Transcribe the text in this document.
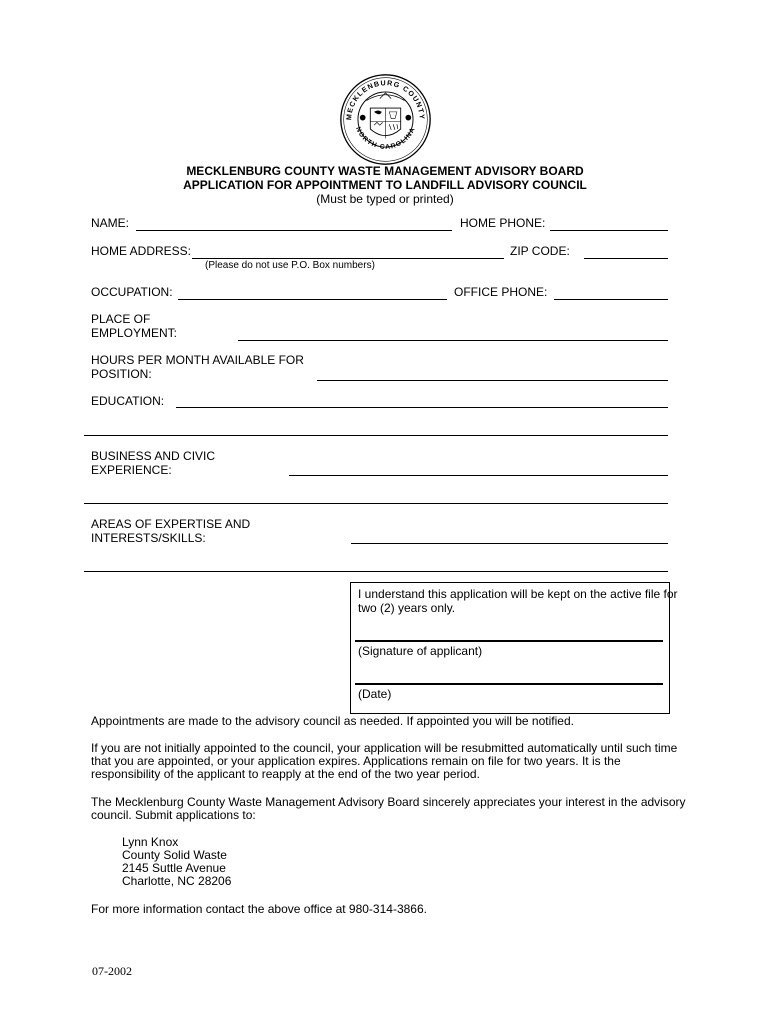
MECKLENBURG COUNTY
NORTH CAROLINA
MECKLENBURG COUNTY WASTE MANAGEMENT ADVISORY BOARD
APPLICATION FOR APPOINTMENT TO LANDFILL ADVISORY COUNCIL
(Must be typed or printed)
NAME:	HOME PHONE:
HOME ADDRESS:	ZIP CODE:
(Please do not use P.O. Box numbers)
OCCUPATION:	OFFICE PHONE:
PLACE OF
EMPLOYMENT:
HOURS PER MONTH AVAILABLE FOR
POSITION:
EDUCATION:
BUSINESS AND CIVIC
EXPERIENCE:
AREAS OF EXPERTISE AND
INTERESTS/SKILLS:
I understand this application will be kept on the active file for
two (2) years only.
(Signature of applicant)
(Date)
Appointments are made to the advisory council as needed. If appointed you will be notified.
If you are not initially appointed to the council, your application will be resubmitted automatically until such time
that you are appointed, or your application expires. Applications remain on file for two years. It is the
responsibility of the applicant to reapply at the end of the two year period.
The Mecklenburg County Waste Management Advisory Board sincerely appreciates your interest in the advisory
council. Submit applications to:
Lynn Knox
County Solid Waste
2145 Suttle Avenue
Charlotte, NC 28206
For more information contact the above office at 980-314-3866.
07-2002
